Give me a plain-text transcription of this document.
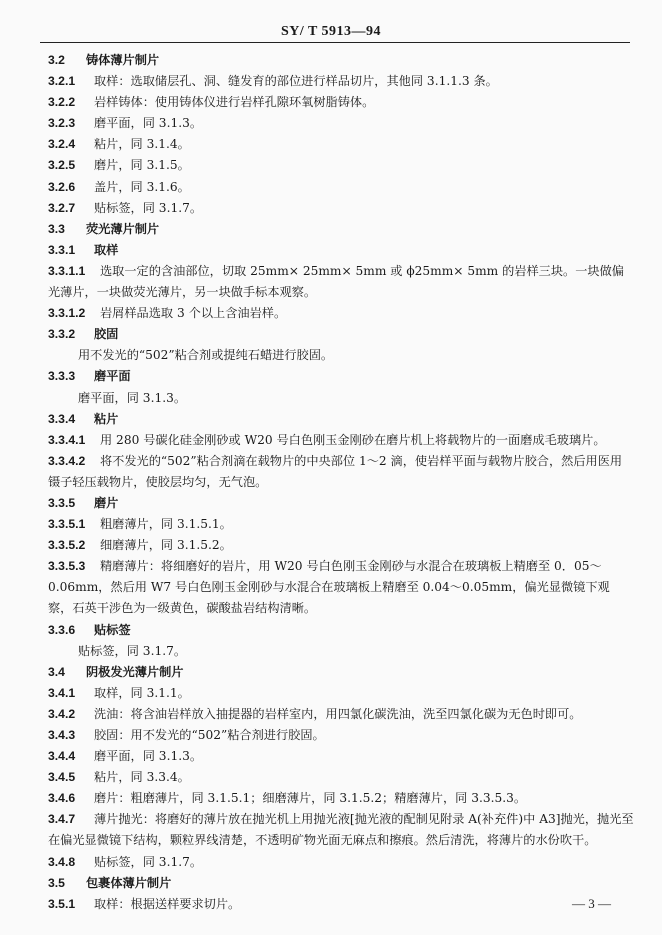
SY/ T 5913—94
3.2 铸体薄片制片
3.2.1 取样：选取储层孔、洞、缝发育的部位进行样品切片，其他同 3.1.1.3 条。
3.2.2 岩样铸体：使用铸体仪进行岩样孔隙环氧树脂铸体。
3.2.3 磨平面，同 3.1.3。
3.2.4 粘片，同 3.1.4。
3.2.5 磨片，同 3.1.5。
3.2.6 盖片，同 3.1.6。
3.2.7 贴标签，同 3.1.7。
3.3 荧光薄片制片
3.3.1 取样
3.3.1.1 选取一定的含油部位，切取 25mm× 25mm× 5mm 或 ϕ25mm× 5mm 的岩样三块。一块做偏光薄片，一块做荧光薄片，另一块做手标本观察。
3.3.1.2 岩屑样品选取 3 个以上含油岩样。
3.3.2 胶固
用不发光的“502”粘合剂或提纯石蜡进行胶固。
3.3.3 磨平面
磨平面，同 3.1.3。
3.3.4 粘片
3.3.4.1 用 280 号碳化硅金刚砂或 W20 号白色刚玉金刚砂在磨片机上将载物片的一面磨成毛玻璃片。
3.3.4.2 将不发光的“502”粘合剂滴在载物片的中央部位 1～2 滴，使岩样平面与载物片胶合，然后用医用镊子轻压载物片，使胶层均匀，无气泡。
3.3.5 磨片
3.3.5.1 粗磨薄片，同 3.1.5.1。
3.3.5.2 细磨薄片，同 3.1.5.2。
3.3.5.3 精磨薄片：将细磨好的岩片，用 W20 号白色刚玉金刚砂与水混合在玻璃板上精磨至 0．05～0.06mm，然后用 W7 号白色刚玉金刚砂与水混合在玻璃板上精磨至 0.04～0.05mm，偏光显微镜下观察，石英干涉色为一级黄色，碳酸盐岩结构清晰。
3.3.6 贴标签
贴标签，同 3.1.7。
3.4 阴极发光薄片制片
3.4.1 取样，同 3.1.1。
3.4.2 洗油：将含油岩样放入抽提器的岩样室内，用四氯化碳洗油，洗至四氯化碳为无色时即可。
3.4.3 胶固：用不发光的“502”粘合剂进行胶固。
3.4.4 磨平面，同 3.1.3。
3.4.5 粘片，同 3.3.4。
3.4.6 磨片：粗磨薄片，同 3.1.5.1；细磨薄片，同 3.1.5.2；精磨薄片，同 3.3.5.3。
3.4.7 薄片抛光：将磨好的薄片放在抛光机上用抛光液[抛光液的配制见附录 A(补充件)中 A3]抛光，抛光至在偏光显微镜下结构，颗粒界线清楚，不透明矿物光面无麻点和擦痕。然后清洗，将薄片的水份吹干。
3.4.8 贴标签，同 3.1.7。
3.5 包裹体薄片制片
3.5.1 取样：根据送样要求切片。	— 3 —
